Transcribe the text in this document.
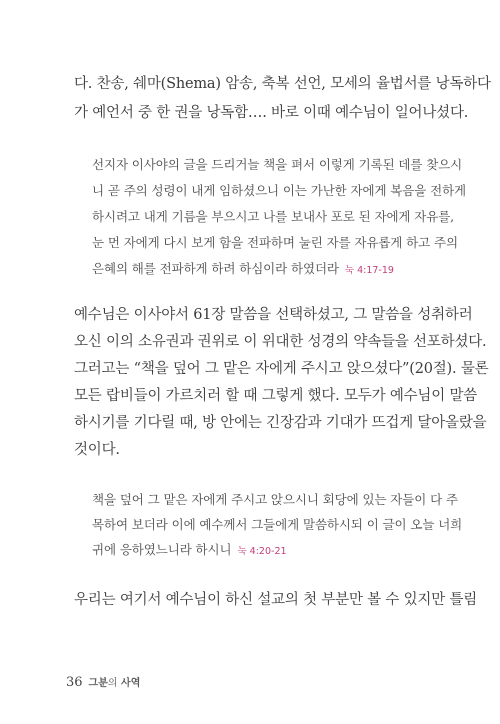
다. 찬송, 쉐마(Shema) 암송, 축복 선언, 모세의 율법서를 낭독하다
가 예언서 중 한 권을 낭독함…. 바로 이때 예수님이 일어나셨다.
선지자 이사야의 글을 드리거늘 책을 펴서 이렇게 기록된 데를 찾으시
니 곧 주의 성령이 내게 임하셨으니 이는 가난한 자에게 복음을 전하게
하시려고 내게 기름을 부으시고 나를 보내사 포로 된 자에게 자유를,
눈 먼 자에게 다시 보게 함을 전파하며 눌린 자를 자유롭게 하고 주의
은혜의 해를 전파하게 하려 하심이라 하였더라 눅 4:17-19
예수님은 이사야서 61장 말씀을 선택하셨고, 그 말씀을 성취하러
오신 이의 소유권과 권위로 이 위대한 성경의 약속들을 선포하셨다.
그러고는 “책을 덮어 그 맡은 자에게 주시고 앉으셨다”(20절). 물론
모든 랍비들이 가르치러 할 때 그렇게 했다. 모두가 예수님이 말씀
하시기를 기다릴 때, 방 안에는 긴장감과 기대가 뜨겁게 달아올랐을
것이다.
책을 덮어 그 맡은 자에게 주시고 앉으시니 회당에 있는 자들이 다 주
목하여 보더라 이에 예수께서 그들에게 말씀하시되 이 글이 오늘 너희
귀에 응하였느니라 하시니 눅 4:20-21
우리는 여기서 예수님이 하신 설교의 첫 부분만 볼 수 있지만 틀림
36 그분의 사역
